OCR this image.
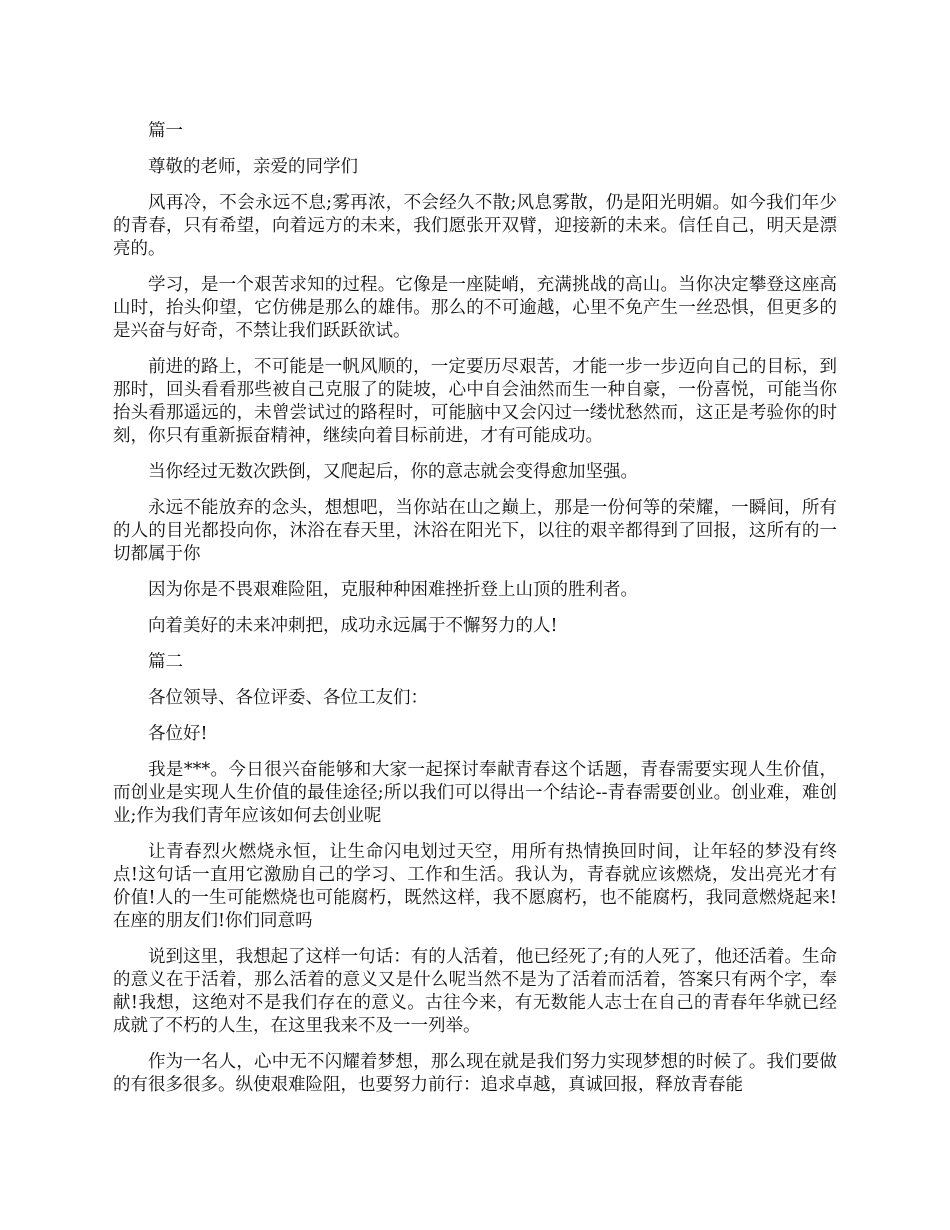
篇一

尊敬的老师，亲爱的同学们

风再冷，不会永远不息;雾再浓，不会经久不散;风息雾散，仍是阳光明媚。如今我们年少的青春，只有希望，向着远方的未来，我们愿张开双臂，迎接新的未来。信任自己，明天是漂亮的。

学习，是一个艰苦求知的过程。它像是一座陡峭，充满挑战的高山。当你决定攀登这座高山时，抬头仰望，它仿佛是那么的雄伟。那么的不可逾越，心里不免产生一丝恐惧，但更多的是兴奋与好奇，不禁让我们跃跃欲试。

前进的路上，不可能是一帆风顺的，一定要历尽艰苦，才能一步一步迈向自己的目标，到那时，回头看看那些被自己克服了的陡坡，心中自会油然而生一种自豪，一份喜悦，可能当你抬头看那遥远的，未曾尝试过的路程时，可能脑中又会闪过一缕忧愁然而，这正是考验你的时刻，你只有重新振奋精神，继续向着目标前进，才有可能成功。

当你经过无数次跌倒，又爬起后，你的意志就会变得愈加坚强。

永远不能放弃的念头，想想吧，当你站在山之巅上，那是一份何等的荣耀，一瞬间，所有的人的目光都投向你，沐浴在春天里，沐浴在阳光下，以往的艰辛都得到了回报，这所有的一切都属于你

因为你是不畏艰难险阻，克服种种困难挫折登上山顶的胜利者。

向着美好的未来冲刺把，成功永远属于不懈努力的人!

篇二

各位领导、各位评委、各位工友们：

各位好!

我是***。今日很兴奋能够和大家一起探讨奉献青春这个话题，青春需要实现人生价值，而创业是实现人生价值的最佳途径;所以我们可以得出一个结论--青春需要创业。创业难，难创业;作为我们青年应该如何去创业呢

让青春烈火燃烧永恒，让生命闪电划过天空，用所有热情换回时间，让年轻的梦没有终点!这句话一直用它激励自己的学习、工作和生活。我认为，青春就应该燃烧，发出亮光才有价值!人的一生可能燃烧也可能腐朽，既然这样，我不愿腐朽，也不能腐朽，我同意燃烧起来!在座的朋友们!你们同意吗

说到这里，我想起了这样一句话：有的人活着，他已经死了;有的人死了，他还活着。生命的意义在于活着，那么活着的意义又是什么呢当然不是为了活着而活着，答案只有两个字，奉献!我想，这绝对不是我们存在的意义。古往今来，有无数能人志士在自己的青春年华就已经成就了不朽的人生，在这里我来不及一一列举。

作为一名人，心中无不闪耀着梦想，那么现在就是我们努力实现梦想的时候了。我们要做的有很多很多。纵使艰难险阻，也要努力前行：追求卓越，真诚回报，释放青春能
